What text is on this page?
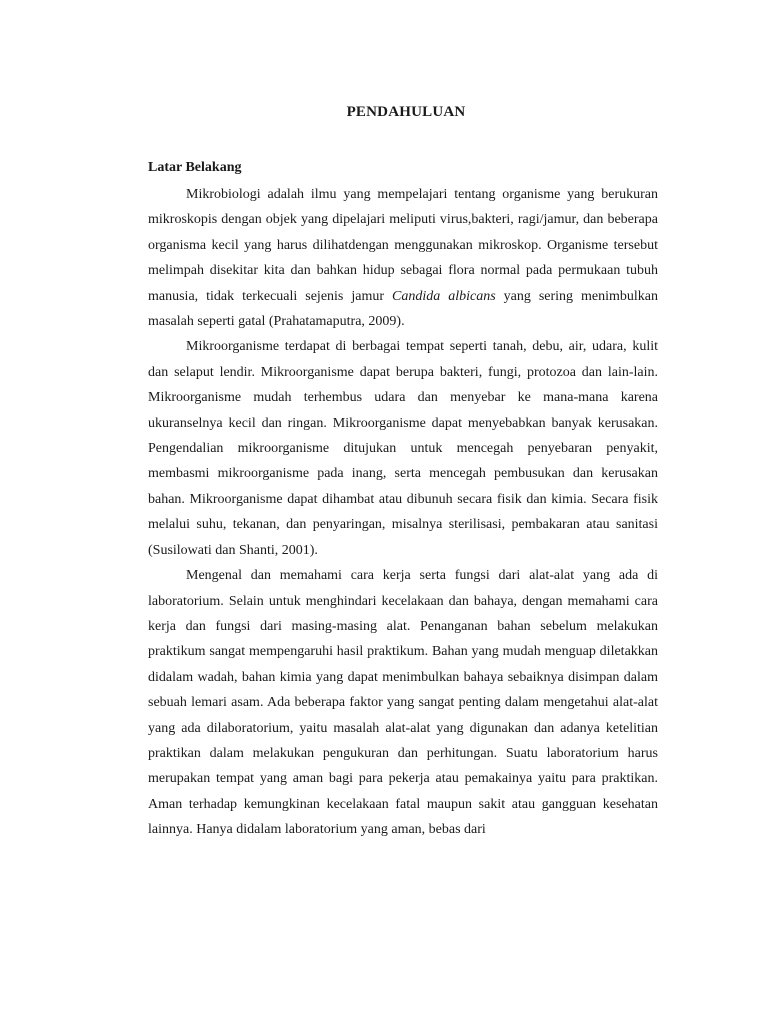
PENDAHULUAN
Latar Belakang

Mikrobiologi adalah ilmu yang mempelajari tentang organisme yang berukuran mikroskopis dengan objek yang dipelajari meliputi virus,bakteri, ragi/jamur, dan beberapa organisma kecil yang harus dilihatdengan menggunakan mikroskop. Organisme tersebut melimpah disekitar kita dan bahkan hidup sebagai flora normal pada permukaan tubuh manusia, tidak terkecuali sejenis jamur Candida albicans yang sering menimbulkan masalah seperti gatal (Prahatamaputra, 2009).

Mikroorganisme terdapat di berbagai tempat seperti tanah, debu, air, udara, kulit dan selaput lendir. Mikroorganisme dapat berupa bakteri, fungi, protozoa dan lain-lain. Mikroorganisme mudah terhembus udara dan menyebar ke mana-mana karena ukuranselnya kecil dan ringan. Mikroorganisme dapat menyebabkan banyak kerusakan. Pengendalian mikroorganisme ditujukan untuk mencegah penyebaran penyakit, membasmi mikroorganisme pada inang, serta mencegah pembusukan dan kerusakan bahan. Mikroorganisme dapat dihambat atau dibunuh secara fisik dan kimia. Secara fisik melalui suhu, tekanan, dan penyaringan, misalnya sterilisasi, pembakaran atau sanitasi (Susilowati dan Shanti, 2001).

Mengenal dan memahami cara kerja serta fungsi dari alat-alat yang ada di laboratorium. Selain untuk menghindari kecelakaan dan bahaya, dengan memahami cara kerja dan fungsi dari masing-masing alat. Penanganan bahan sebelum melakukan praktikum sangat mempengaruhi hasil praktikum. Bahan yang mudah menguap diletakkan didalam wadah, bahan kimia yang dapat menimbulkan bahaya sebaiknya disimpan dalam sebuah lemari asam. Ada beberapa faktor yang sangat penting dalam mengetahui alat-alat yang ada dilaboratorium, yaitu masalah alat-alat yang digunakan dan adanya ketelitian praktikan dalam melakukan pengukuran dan perhitungan. Suatu laboratorium harus merupakan tempat yang aman bagi para pekerja atau pemakainya yaitu para praktikan. Aman terhadap kemungkinan kecelakaan fatal maupun sakit atau gangguan kesehatan lainnya. Hanya didalam laboratorium yang aman, bebas dari
